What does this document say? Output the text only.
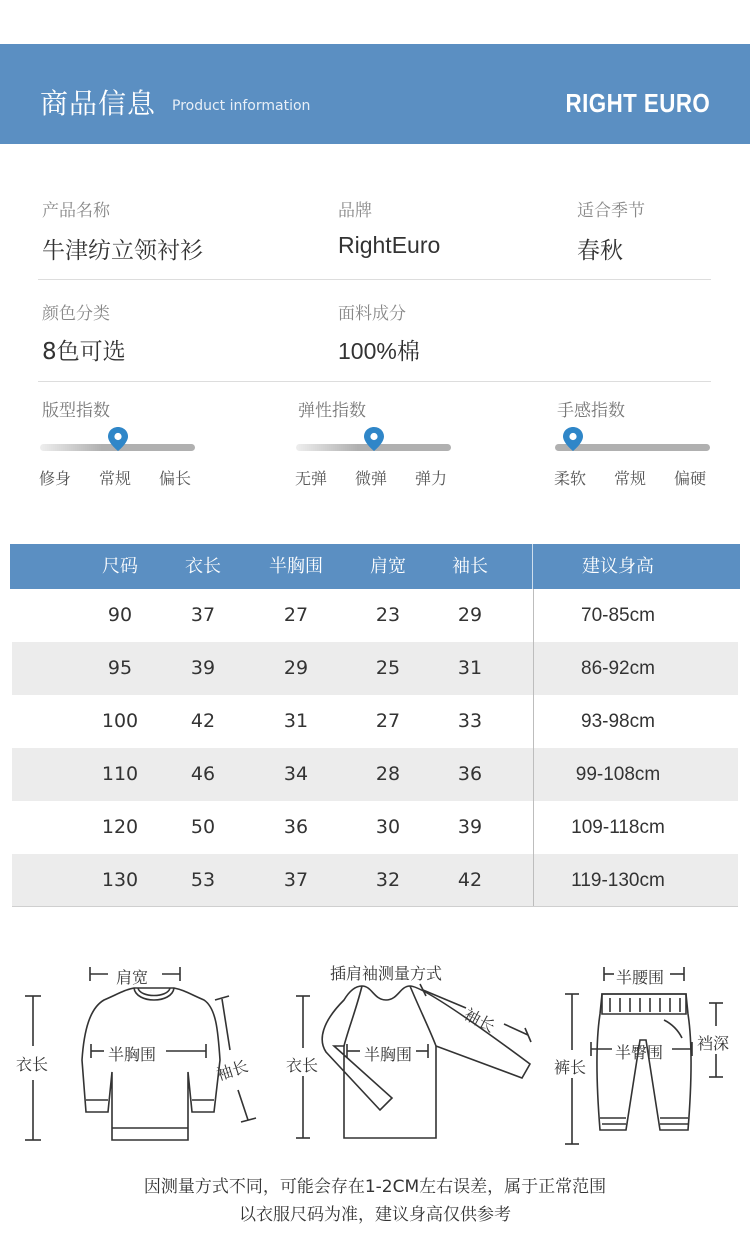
商品信息 Product information	RIGHT EURO
产品名称
牛津纺立领衬衫
品牌
RightEuro
适合季节
春秋
颜色分类
8色可选
面料成分
100%棉
版型指数
修身 常规 偏长
弹性指数
无弹 微弹 弹力
手感指数
柔软 常规 偏硬
尺码	衣长	半胸围	肩宽	袖长	建议身高
90	37	27	23	29	70-85cm
95	39	29	25	31	86-92cm
100	42	31	27	33	93-98cm
110	46	34	28	36	99-108cm
120	50	36	30	39	109-118cm
130	53	37	32	42	119-130cm
肩宽
衣长
半胸围
袖长
插肩袖测量方式
衣长
半胸围
袖长
半腰围
裆深
裤长
半臀围
因测量方式不同，可能会存在1-2CM左右误差，属于正常范围
以衣服尺码为准，建议身高仅供参考
